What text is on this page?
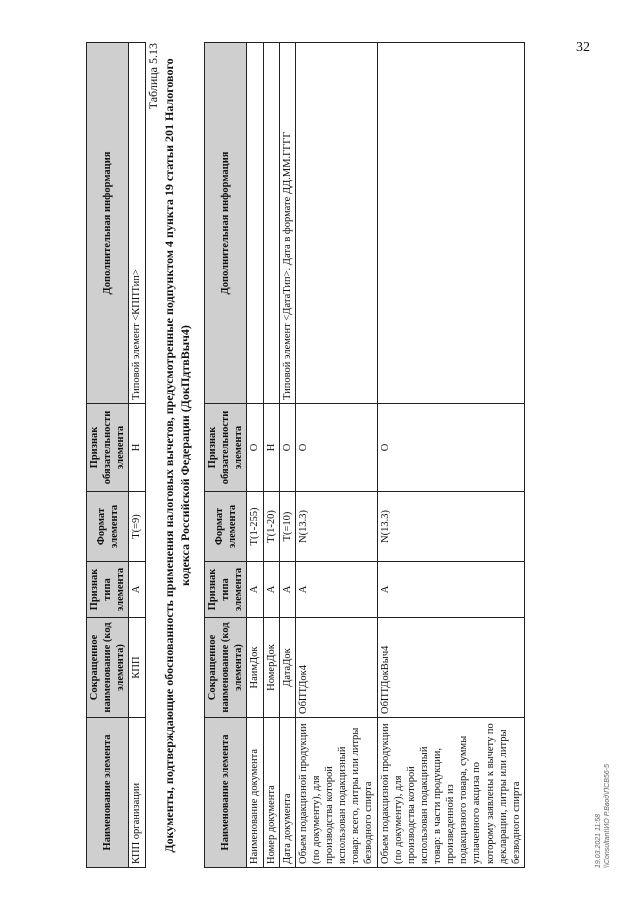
32
Наименование элемента	Сокращенное наименование (код элемента)	Признак типа элемента	Формат элемента	Признак обязательности элемента	Дополнительная информация
КПП организации	КПП	А	T(=9)	Н	Типовой элемент <КППТип>
Таблица 5.13 Документы, подтверждающие обоснованность применения налоговых вычетов, предусмотренные подпунктом 4 пункта 19 статьи 201 Налогового кодекса Российской Федерации (ДокПдтвВыч4)
Наименование элемента	Сокращенное наименование (код элемента)	Признак типа элемента	Формат элемента	Признак обязательности элемента	Дополнительная информация
Наименование документа	НаимДок	А	T(1-255)	О	
Номер документа	НомерДок	А	T(1-20)	Н	
Дата документа	ДатаДок	А	T(=10)	О	Типовой элемент <ДатаТип>. Дата в формате ДД.ММ.ГГГГ
Объем подакцизной продукции (по документу), для производства которой использован подакцизный товар: всего, литры или литры безводного спирта	ОбПТДок4	А	N(13.3)	О	
Объем подакцизной продукции (по документу), для производства которой использован подакцизный товар: в части продукции, произведенной из подакцизного товара, суммы уплаченного акциза по которому заявлены к вычету по декларации, литры или литры безводного спирта	ОбПТДокВыч4	А	N(13.3)	О	
19.03.2021 11:58 \\Consultant\ИО Р.Ввод\ПСВ56-5
